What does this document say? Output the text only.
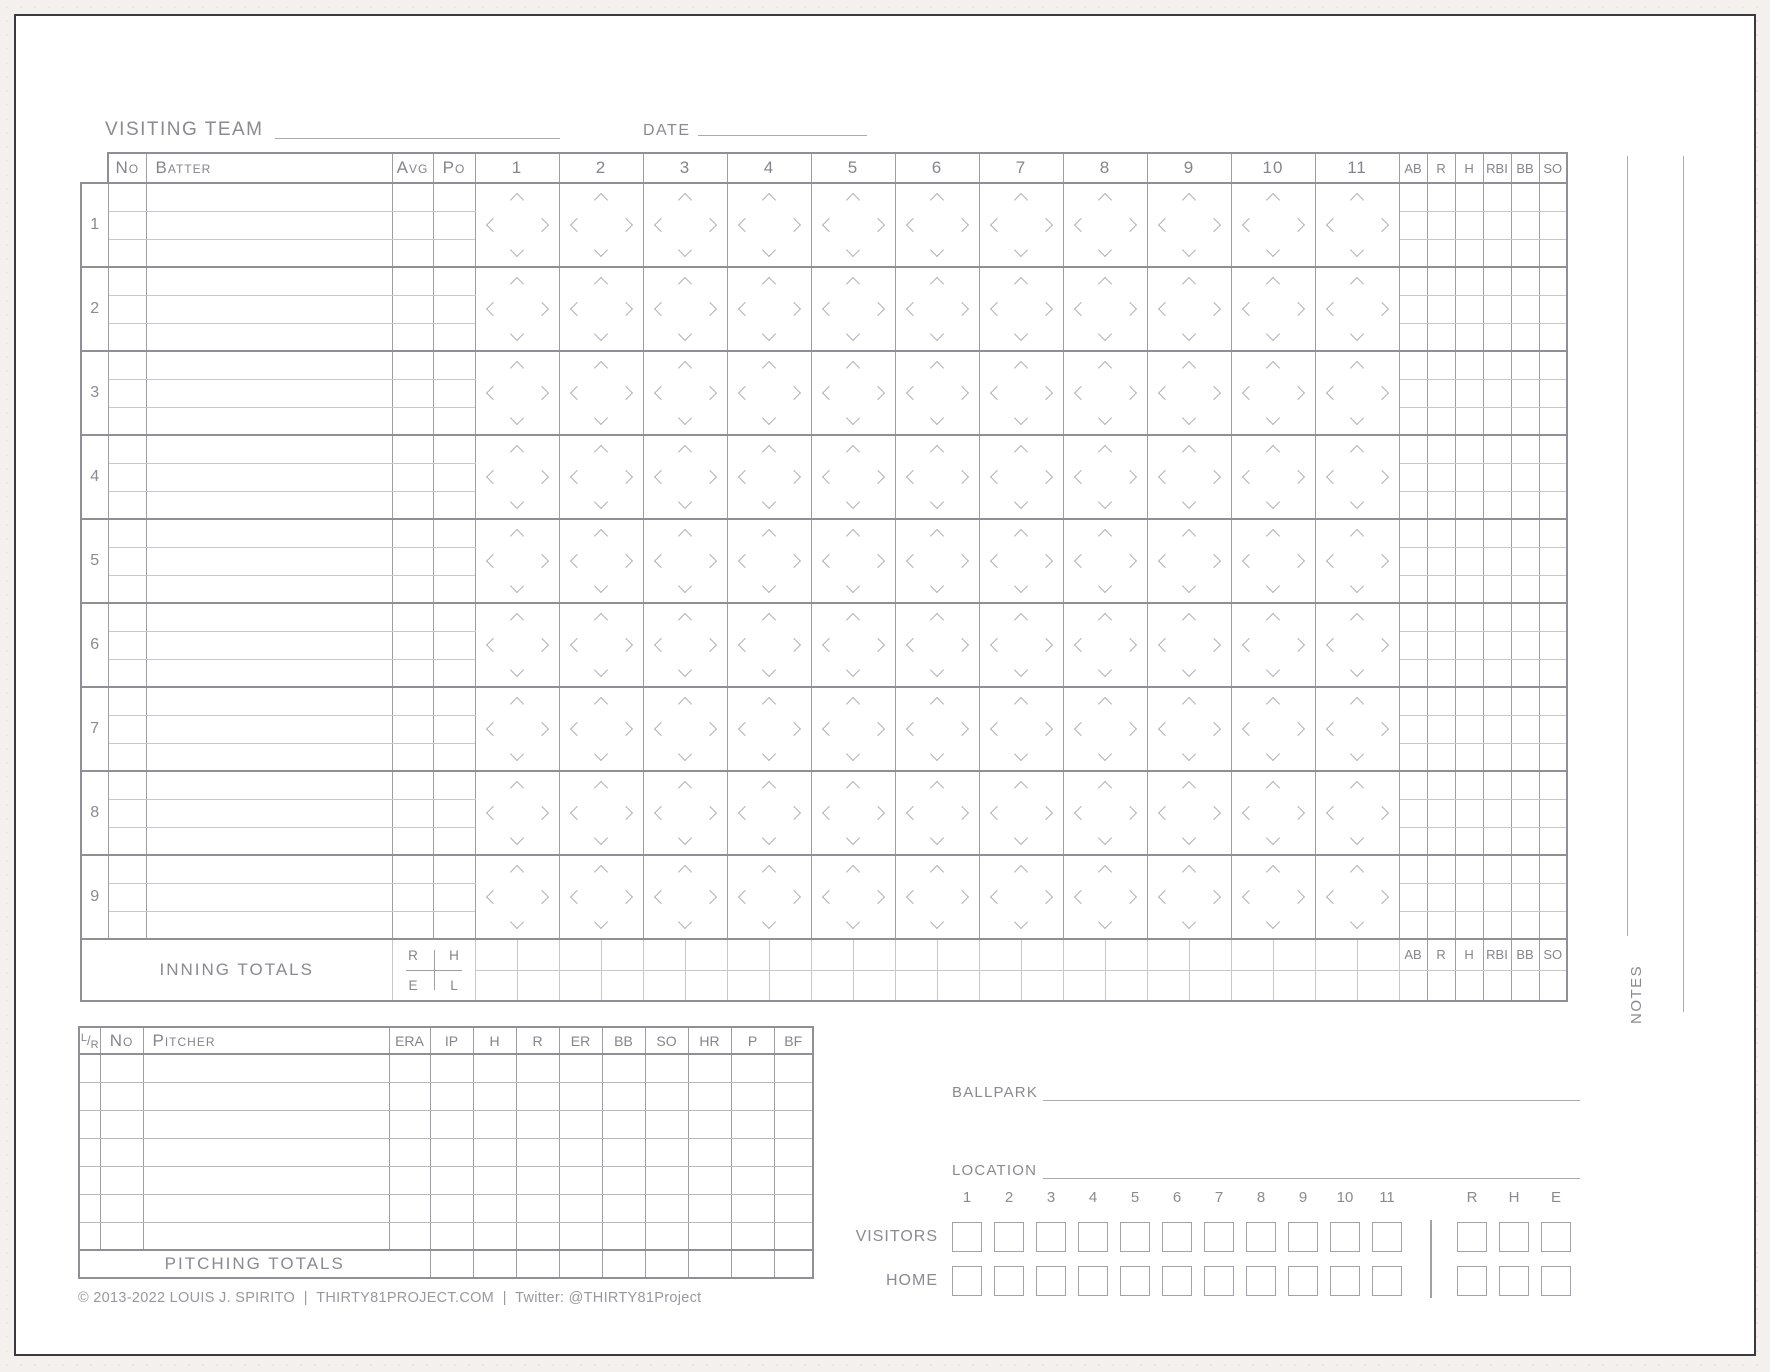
VISITING TEAM	DATE
	No	Batter	Avg	Po	1		2		3		4		5		6		7		8		9		10		11		AB	R	H	RBI	BB	SO
1																

2																

3																

4																

5																

6																

7																

8																

9																

INNING TOTALS			R H
E L																								AB	R	H	RBI	BB	SO

NOTES
$^L$/R	No	Pitcher	ERA	IP	H	R	ER	BB	SO	HR	P	BF

PITCHING TOTALS												
© 2013-2022 LOUIS J. SPIRITO  |  THIRTY81PROJECT.COM  |  Twitter: @THIRTY81Project
BALLPARK
LOCATION
1	2	3	4	5	6	7	8	9	10	11	R	H	E
VISITORS
HOME
